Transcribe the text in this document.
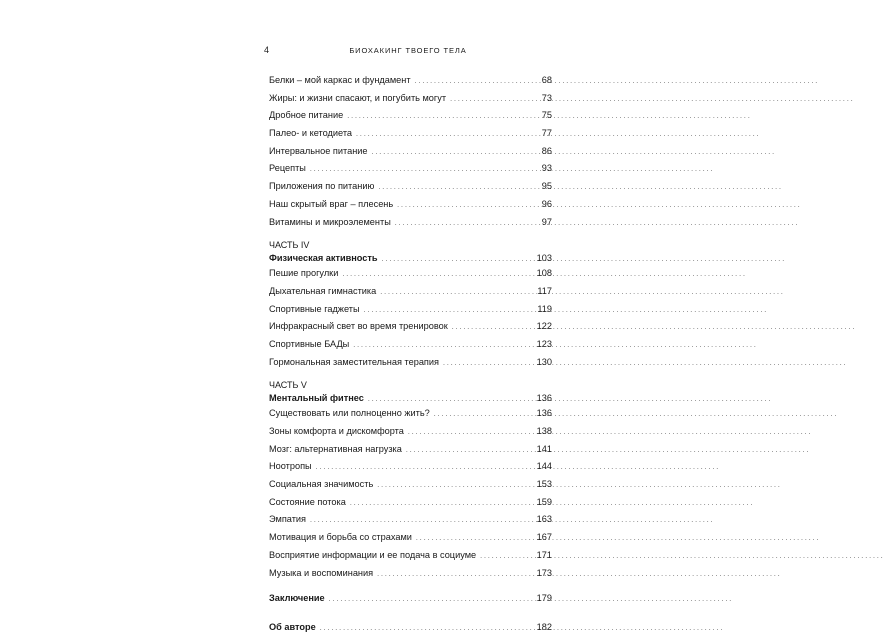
4	БИОХАКИНГ ТВОЕГО ТЕЛА
Белки – мой каркас и фундамент . . .	68
Жиры: и жизни спасают, и погубить могут . . .	73
Дробное питание . . .	75
Палео- и кетодиета . . .	77
Интервальное питание . . .	86
Рецепты . . .	93
Приложения по питанию . . .	95
Наш скрытый враг – плесень . . .	96
Витамины и микроэлементы . . .	97
ЧАСТЬ IV
Физическая активность . . .	103
Пешие прогулки . . .	108
Дыхательная гимнастика . . .	117
Спортивные гаджеты . . .	119
Инфракрасный свет во время тренировок . . .	122
Спортивные БАДы . . .	123
Гормональная заместительная терапия . . .	130
ЧАСТЬ V
Ментальный фитнес . . .	136
Существовать или полноценно жить? . . .	136
Зоны комфорта и дискомфорта . . .	138
Мозг: альтернативная нагрузка . . .	141
Ноотропы . . .	144
Социальная значимость . . .	153
Состояние потока . . .	159
Эмпатия . . .	163
Мотивация и борьба со страхами . . .	167
Восприятие информации и ее подача в социуме . . .	171
Музыка и воспоминания . . .	173
Заключение . . .	179
Об авторе . . .	182
